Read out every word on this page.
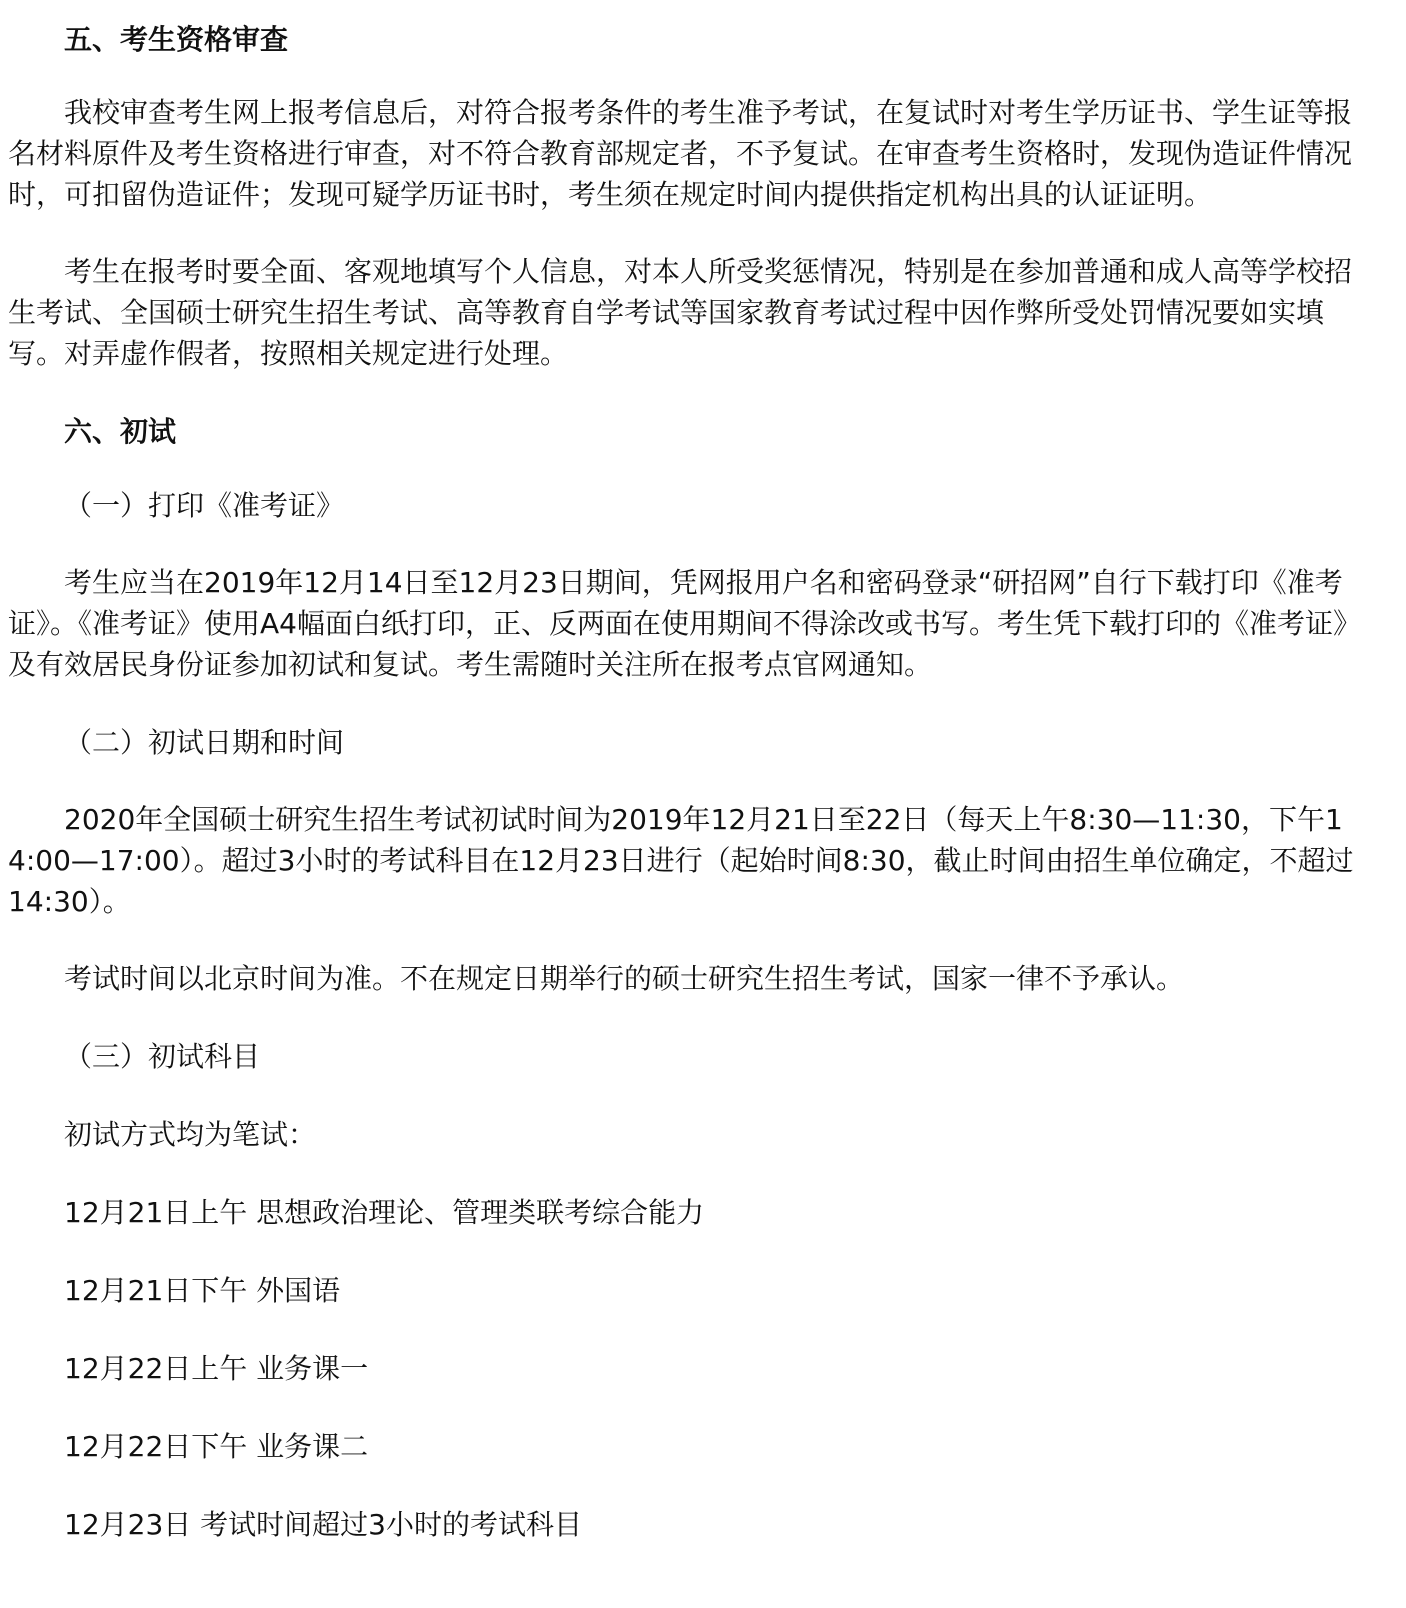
五、考生资格审查

我校审查考生网上报考信息后，对符合报考条件的考生准予考试，在复试时对考生学历证书、学生证等报名材料原件及考生资格进行审查，对不符合教育部规定者，不予复试。在审查考生资格时，发现伪造证件情况时，可扣留伪造证件；发现可疑学历证书时，考生须在规定时间内提供指定机构出具的认证证明。

考生在报考时要全面、客观地填写个人信息，对本人所受奖惩情况，特别是在参加普通和成人高等学校招生考试、全国硕士研究生招生考试、高等教育自学考试等国家教育考试过程中因作弊所受处罚情况要如实填写。对弄虚作假者，按照相关规定进行处理。

六、初试
（一）打印《准考证》

考生应当在2019年12月14日至12月23日期间，凭网报用户名和密码登录“研招网”自行下载打印《准考证》。《准考证》使用A4幅面白纸打印，正、反两面在使用期间不得涂改或书写。考生凭下载打印的《准考证》及有效居民身份证参加初试和复试。考生需随时关注所在报考点官网通知。

（二）初试日期和时间

2020年全国硕士研究生招生考试初试时间为2019年12月21日至22日（每天上午8:30—11:30，下午14:00—17:00）。超过3小时的考试科目在12月23日进行（起始时间8:30，截止时间由招生单位确定，不超过14:30）。

考试时间以北京时间为准。不在规定日期举行的硕士研究生招生考试，国家一律不予承认。

（三）初试科目
初试方式均为笔试：
12月21日上午 思想政治理论、管理类联考综合能力
12月21日下午 外国语
12月22日上午 业务课一
12月22日下午 业务课二
12月23日 考试时间超过3小时的考试科目
